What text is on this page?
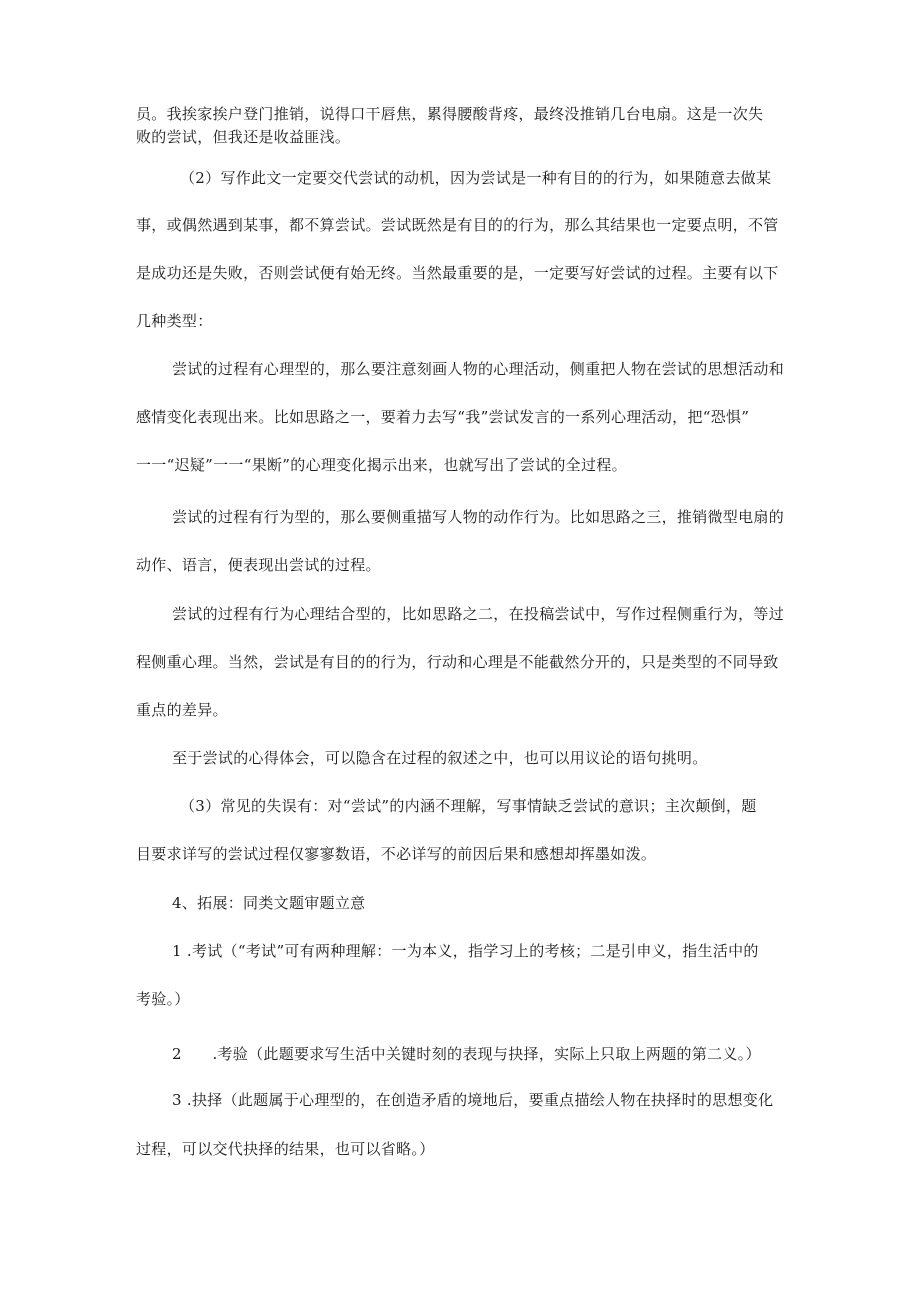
员。我挨家挨户登门推销，说得口干唇焦，累得腰酸背疼，最终没推销几台电扇。这是一次失
败的尝试，但我还是收益匪浅。
（2）写作此文一定要交代尝试的动机，因为尝试是一种有目的的行为，如果随意去做某
事，或偶然遇到某事，都不算尝试。尝试既然是有目的的行为，那么其结果也一定要点明，不管
是成功还是失败，否则尝试便有始无终。当然最重要的是，一定要写好尝试的过程。主要有以下
几种类型：
尝试的过程有心理型的，那么要注意刻画人物的心理活动，侧重把人物在尝试的思想活动和
感情变化表现出来。比如思路之一，要着力去写“我”尝试发言的一系列心理活动，把“恐惧”
一一“迟疑”一一“果断”的心理变化揭示出来，也就写出了尝试的全过程。
尝试的过程有行为型的，那么要侧重描写人物的动作行为。比如思路之三，推销微型电扇的
动作、语言，便表现出尝试的过程。
尝试的过程有行为心理结合型的，比如思路之二，在投稿尝试中，写作过程侧重行为，等过
程侧重心理。当然，尝试是有目的的行为，行动和心理是不能截然分开的，只是类型的不同导致
重点的差异。
至于尝试的心得体会，可以隐含在过程的叙述之中，也可以用议论的语句挑明。
（3）常见的失误有：对“尝试”的内涵不理解，写事情缺乏尝试的意识；主次颠倒，题
目要求详写的尝试过程仅寥寥数语，不必详写的前因后果和感想却挥墨如泼。
4、拓展：同类文题审题立意
1 .考试（“考试”可有两种理解：一为本义，指学习上的考核；二是引申义，指生活中的
考验。）
2　　.考验（此题要求写生活中关键时刻的表现与抉择，实际上只取上两题的第二义。）
3 .抉择（此题属于心理型的，在创造矛盾的境地后，要重点描绘人物在抉择时的思想变化
过程，可以交代抉择的结果，也可以省略。）
